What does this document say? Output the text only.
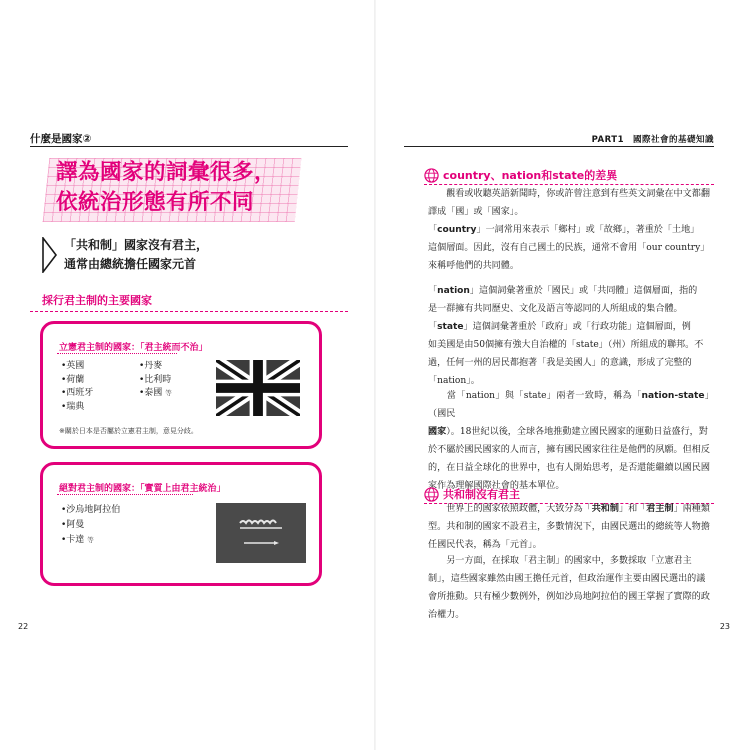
什麼是國家②
譯為國家的詞彙很多，
依統治形態有所不同
「共和制」國家沒有君主，
通常由總統擔任國家元首
採行君主制的主要國家
立憲君主制的國家：「君主統而不治」
•英國
•荷蘭
•西班牙
•瑞典
•丹麥
•比利時
•泰國 等
※關於日本是否屬於立憲君主制，意見分歧。
絕對君主制的國家：「實質上由君主統治」
•沙烏地阿拉伯
•阿曼
•卡達 等
22
PART1　國際社會的基礎知識
country、nation和state的差異
　　觀看或收聽英語新聞時，你或許曾注意到有些英文詞彙在中文都翻
譯成「國」或「國家」。
「country」一詞常用來表示「鄉村」或「故鄉」，著重於「土地」
這個層面。因此，沒有自己國土的民族，通常不會用「our country」
來稱呼他們的共同體。
「nation」這個詞彙著重於「國民」或「共同體」這個層面，指的
是一群擁有共同歷史、文化及語言等認同的人所組成的集合體。
「state」這個詞彙著重於「政府」或「行政功能」這個層面，例
如美國是由50個擁有強大自治權的「state」（州）所組成的聯邦。不
過，任何一州的居民都抱著「我是美國人」的意識，形成了完整的
「nation」。
　　當「nation」與「state」兩者一致時，稱為「nation-state」（國民
國家）。18世紀以後，全球各地推動建立國民國家的運動日益盛行，對
於不屬於國民國家的人而言，擁有國民國家往往是他們的夙願。但相反
的，在日益全球化的世界中，也有人開始思考，是否還能繼續以國民國
家作為理解國際社會的基本單位。
共和制沒有君主
　　世界上的國家依照政體，大致分為「共和制」和「君主制」兩種類
型。共和制的國家不設君主，多數情況下，由國民選出的總統等人物擔
任國民代表，稱為「元首」。
　　另一方面，在採取「君主制」的國家中，多數採取「立憲君主
制」，這些國家雖然由國王擔任元首，但政治運作主要由國民選出的議
會所推動。只有極少數例外，例如沙烏地阿拉伯的國王掌握了實際的政
治權力。
23
